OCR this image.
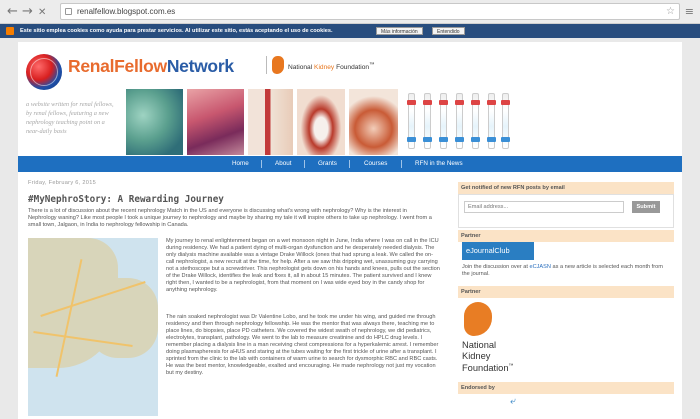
← → ✕	renalfellow.blogspot.com.es	☆ ≡
Este sitio emplea cookies como ayuda para prestar servicios. Al utilizar este sitio, estás aceptando el uso de cookies.	Más información	Entendido
RenalFellowNetwork	National Kidney Foundation™
a website written for renal fellows, by renal fellows, featuring a new nephrology teaching point on a near-daily basis
Home	About	Grants	Courses	RFN in the News
Friday, February 6, 2015
#MyNephroStory: A Rewarding Journey
There is a lot of discussion about the recent nephrology Match in the US and everyone is discussing what's wrong with nephrology? Why is the interest in Nephrology waning? Like most people I took a unique journey to nephrology and maybe by sharing my tale it will inspire others to take up nephrology. I went from a small town, Jalgaon, in India to nephrology fellowship in Canada.
My journey to renal enlightenment began on a wet monsoon night in June, India where I was on call in the ICU during residency. We had a patient dying of multi-organ dysfunction and he desperately needed dialysis. The only dialysis machine available was a vintage Drake Willock (ones that had sprung a leak. We called the on-call nephrologist, a new recruit at the time, for help. After a we saw this dripping wet, unassuming guy carrying not a stethoscope but a screwdriver. This nephrologist gets down on his hands and knees, pulls out the section of the Drake Willock, identifies the leak and fixes it, all in about 15 minutes. The patient survived and I knew right then, I wanted to be a nephrologist, from that moment on I was wide eyed boy in the candy shop for anything nephrology.
The rain soaked nephrologist was Dr Valentine Lobo, and he took me under his wing, and guided me through residency and then through nephrology fellowship. He was the mentor that was always there, teaching me to place lines, do biopsies, place PD catheters. We covered the widest swath of nephrology, we did pediatrics, electrolytes, transplant, pathology. We went to the lab to measure creatinine and do HPLC drug levels. I remember placing a dialysis line in a man receiving chest compressions for a hyperkalemic arrest. I remember doing plasmapheresis for aHUS and staring at the tubes waiting for the first trickle of urine after a transplant. I sprinted from the clinic to the lab with containers of warm urine to search for dysmorphic RBC and RBC casts. He was the best mentor, knowledgeable, exalted and encouraging. He made nephrology not just my vocation but my destiny.
Get notified of new RFN posts by email
Email address...
Submit
Partner
eJournalClub
Join the discussion over at eCJASN as a new article is selected each month from the journal.
Partner
National
Kidney
Foundation™
Endorsed by
⤶
